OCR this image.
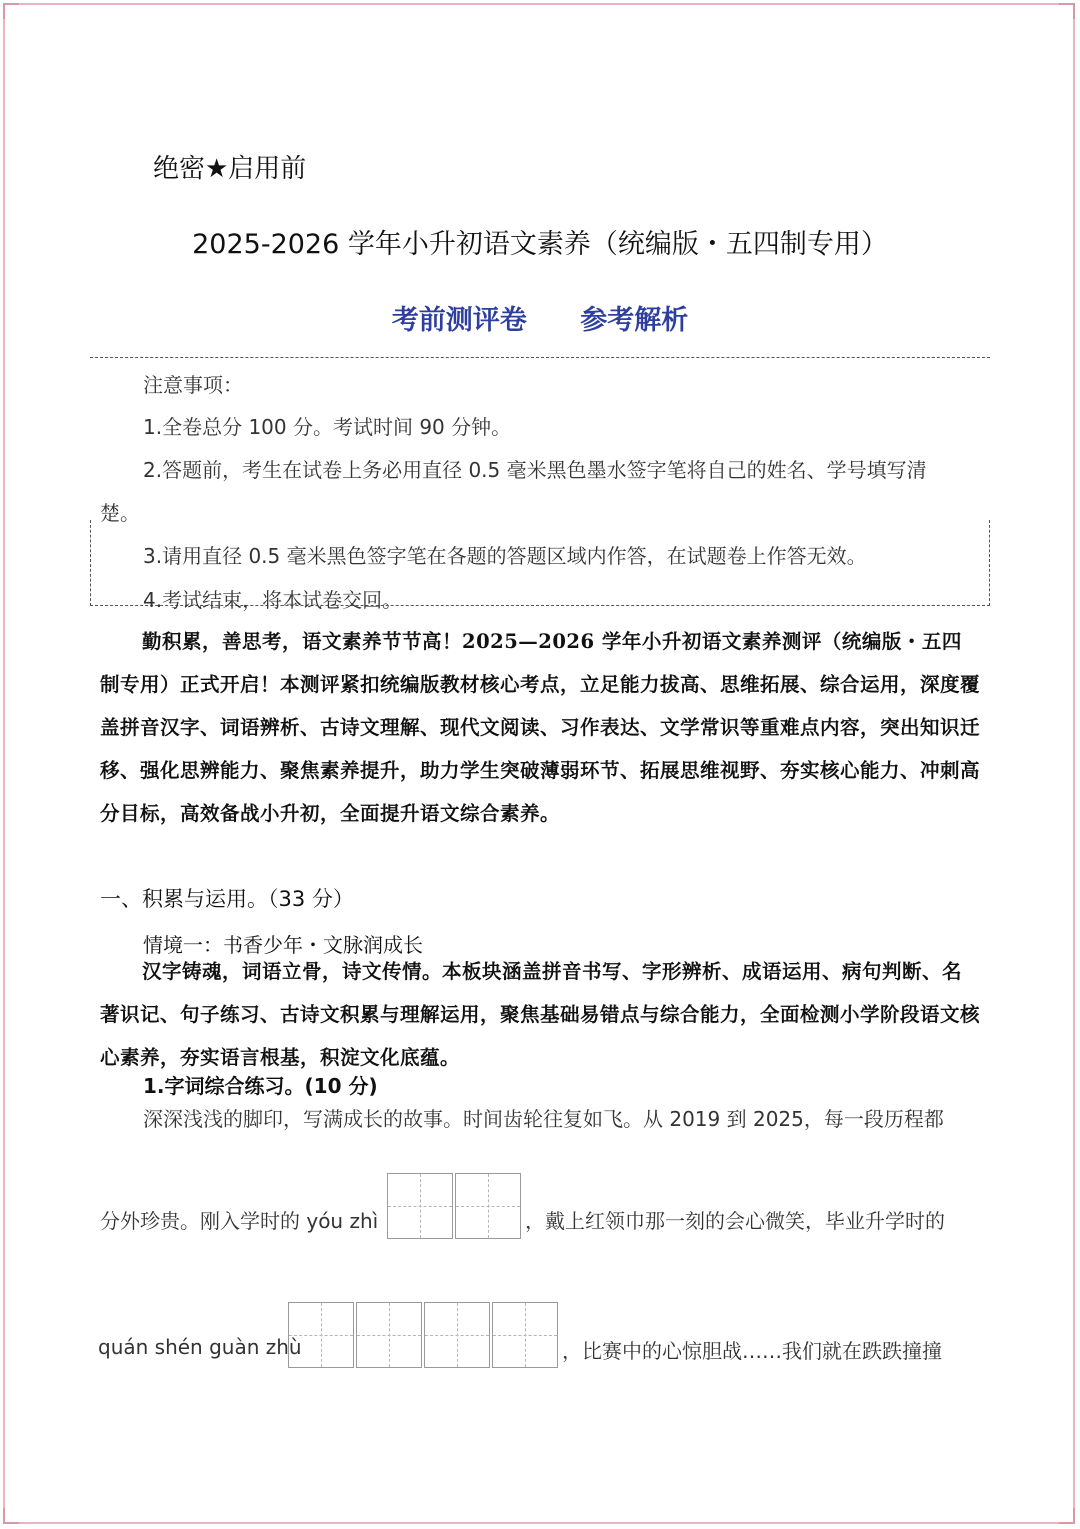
绝密★启用前
2025-2026 学年小升初语文素养（统编版・五四制专用）
考前测评卷 参考解析
注意事项：
1.全卷总分 100 分。考试时间 90 分钟。
2.答题前，考生在试卷上务必用直径 0.5 毫米黑色墨水签字笔将自己的姓名、学号填写清
楚。
3.请用直径 0.5 毫米黑色签字笔在各题的答题区域内作答，在试题卷上作答无效。
4.考试结束，将本试卷交回。
勤积累，善思考，语文素养节节高！2025—2026 学年小升初语文素养测评（统编版・五四制专用）正式开启！本测评紧扣统编版教材核心考点，立足能力拔高、思维拓展、综合运用，深度覆盖拼音汉字、词语辨析、古诗文理解、现代文阅读、习作表达、文学常识等重难点内容，突出知识迁移、强化思辨能力、聚焦素养提升，助力学生突破薄弱环节、拓展思维视野、夯实核心能力、冲刺高分目标，高效备战小升初，全面提升语文综合素养。
一、积累与运用。（33 分）
情境一：书香少年・文脉润成长
汉字铸魂，词语立骨，诗文传情。本板块涵盖拼音书写、字形辨析、成语运用、病句判断、名著识记、句子练习、古诗文积累与理解运用，聚焦基础易错点与综合能力，全面检测小学阶段语文核心素养，夯实语言根基，积淀文化底蕴。
1.字词综合练习。(10 分)
深深浅浅的脚印，写满成长的故事。时间齿轮往复如飞。从 2019 到 2025，每一段历程都
分外珍贵。刚入学时的 yóu zhì	，戴上红领巾那一刻的会心微笑，毕业升学时的
quán shén guàn zhù	，比赛中的心惊胆战……我们就在跌跌撞撞
